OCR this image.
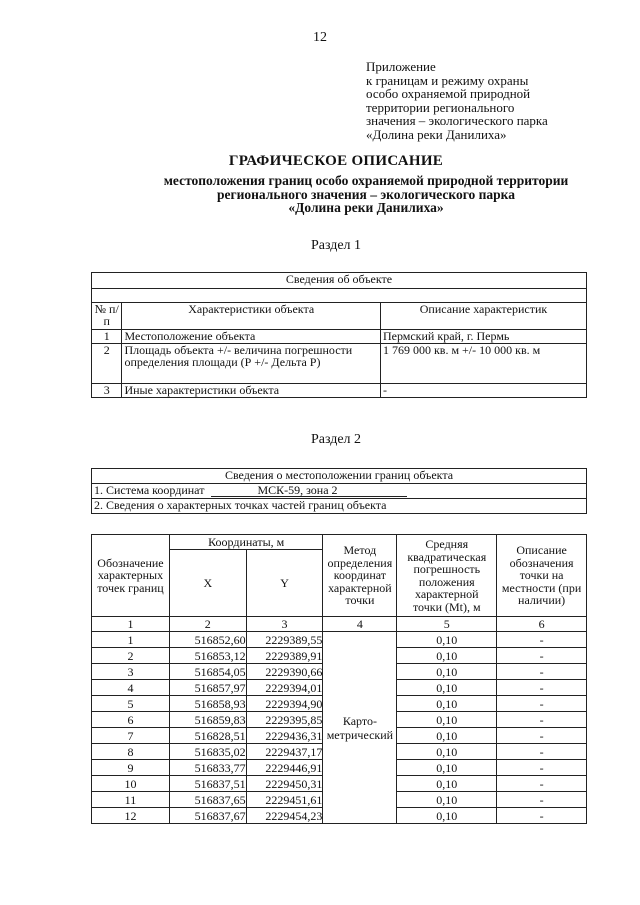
12
Приложение
к границам и режиму охраны
особо охраняемой природной
территории регионального
значения – экологического парка
«Долина реки Данилиха»
ГРАФИЧЕСКОЕ ОПИСАНИЕ
местоположения границ особо охраняемой природной территории
регионального значения – экологического парка
«Долина реки Данилиха»
Раздел 1
Сведения об объекте		

№ п/п	Характеристики объекта	Описание характеристик
1	Местоположение объекта	Пермский край, г. Пермь
2	Площадь объекта +/- величина погрешности определения площади (Р +/- Дельта Р)	1 769 000 кв. м +/- 10 000 кв. м
3	Иные характеристики объекта	-
Раздел 2
Сведения о местоположении границ объекта
1. Система координат	МСК-59, зона 2
2. Сведения о характерных точках частей границ объекта
Обозначение характерных точек границ	Координаты, м		Метод определения координат характерной точки	Средняя квадратическая погрешность положения характерной точки (Mt), м	Описание обозначения точки на местности (при наличии)
	X	Y			
1	2	3	4	5	6
1	516852,60	2229389,55	Карто-метрический	0,10	-
2	516853,12	2229389,91		0,10	-
3	516854,05	2229390,66		0,10	-
4	516857,97	2229394,01		0,10	-
5	516858,93	2229394,90		0,10	-
6	516859,83	2229395,85		0,10	-
7	516828,51	2229436,31		0,10	-
8	516835,02	2229437,17		0,10	-
9	516833,77	2229446,91		0,10	-
10	516837,51	2229450,31		0,10	-
11	516837,65	2229451,61		0,10	-
12	516837,67	2229454,23		0,10	-
